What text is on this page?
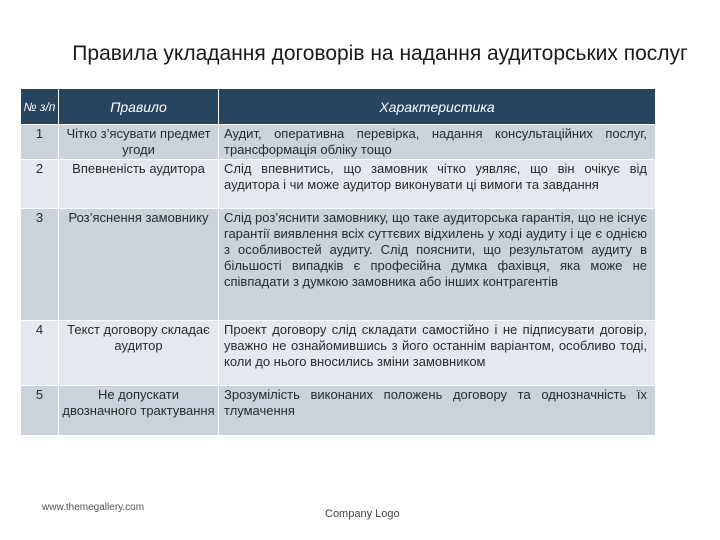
Правила укладання договорів на надання аудиторських послуг
№ з/п	Правило	Характеристика
1	Чітко з’ясувати предмет угоди	Аудит, оперативна перевірка, надання консультаційних послуг, трансформація обліку тощо
2	Впевненість аудитора	Слід впевнитись, що замовник чітко уявляє, що він очікує від аудитора і чи може аудитор виконувати ці вимоги та завдання
3	Роз’яснення замовнику	Слід роз’яснити замовнику, що таке аудиторська гарантія, що не існує гарантії виявлення всіх суттєвих відхилень у ході аудиту і це є однією з особливостей аудиту. Слід пояснити, що результатом аудиту в більшості випадків є професійна думка фахівця, яка може не співпадати з думкою замовника або інших контрагентів
4	Текст договору складає аудитор	Проект договору слід складати самостійно і не підписувати договір, уважно не ознайомившись з його останнім варіантом, особливо тоді, коли до нього вносились зміни замовником
5	Не допускати двозначного трактування	Зрозумілість виконаних положень договору та однозначність їх тлумачення
www.themegallery.com
Company Logo
